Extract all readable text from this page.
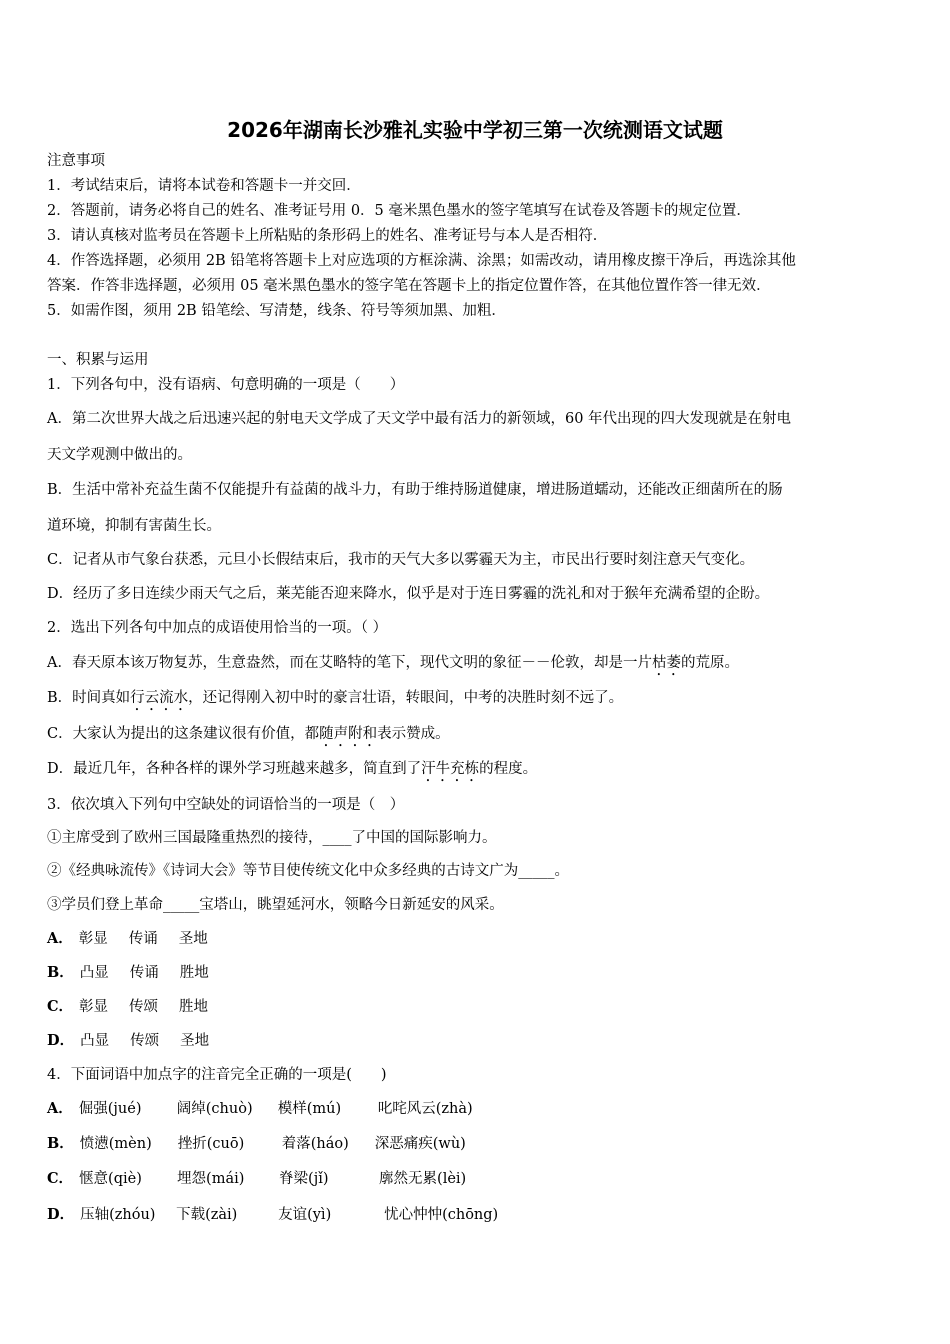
2026年湖南长沙雅礼实验中学初三第一次统测语文试题
注意事项
1．考试结束后，请将本试卷和答题卡一并交回．
2．答题前，请务必将自己的姓名、准考证号用 0．5 毫米黑色墨水的签字笔填写在试卷及答题卡的规定位置．
3．请认真核对监考员在答题卡上所粘贴的条形码上的姓名、准考证号与本人是否相符．
4．作答选择题，必须用 2B 铅笔将答题卡上对应选项的方框涂满、涂黑；如需改动，请用橡皮擦干净后，再选涂其他
答案．作答非选择题，必须用 05 毫米黑色墨水的签字笔在答题卡上的指定位置作答，在其他位置作答一律无效．
5．如需作图，须用 2B 铅笔绘、写清楚，线条、符号等须加黑、加粗．
一、积累与运用
1．下列各句中，没有语病、句意明确的一项是（　　）
A．第二次世界大战之后迅速兴起的射电天文学成了天文学中最有活力的新领域，60 年代出现的四大发现就是在射电
天文学观测中做出的。
B．生活中常补充益生菌不仅能提升有益菌的战斗力，有助于维持肠道健康，增进肠道蠕动，还能改正细菌所在的肠
道环境，抑制有害菌生长。
C．记者从市气象台获悉，元旦小长假结束后，我市的天气大多以雾霾天为主，市民出行要时刻注意天气变化。
D．经历了多日连续少雨天气之后，莱芜能否迎来降水，似乎是对于连日雾霾的洗礼和对于猴年充满希望的企盼。
2．选出下列各句中加点的成语使用恰当的一项。（ ）
A．春天原本该万物复苏，生意盎然，而在艾略特的笔下，现代文明的象征－－伦敦，却是一片枯萎的荒原。
B．时间真如行云流水，还记得刚入初中时的豪言壮语，转眼间，中考的决胜时刻不远了。
C．大家认为提出的这条建议很有价值，都随声附和表示赞成。
D．最近几年，各种各样的课外学习班越来越多，简直到了汗牛充栋的程度。
3．依次填入下列句中空缺处的词语恰当的一项是（　）
①主席受到了欧州三国最隆重热烈的接待，____了中国的国际影响力。
②《经典咏流传》《诗词大会》等节目使传统文化中众多经典的古诗文广为_____。
③学员们登上革命_____宝塔山，眺望延河水，领略今日新延安的风采。
A． 彰显 传诵 圣地
B． 凸显 传诵 胜地
C． 彰显 传颂 胜地
D． 凸显 传颂 圣地
4．下面词语中加点字的注音完全正确的一项是(　　)
A． 倔强(jué) 阔绰(chuò) 模样(mú)	叱咤风云(zhà)
B． 愤懑(mèn) 挫折(cuō)	着落(háo) 深恶痛疾(wù)
C． 惬意(qiè) 埋怨(mái) 脊梁(jǐ)	廓然无累(lèi)
D． 压轴(zhóu) 下载(zài)	友谊(yì)	忧心忡忡(chōng)
